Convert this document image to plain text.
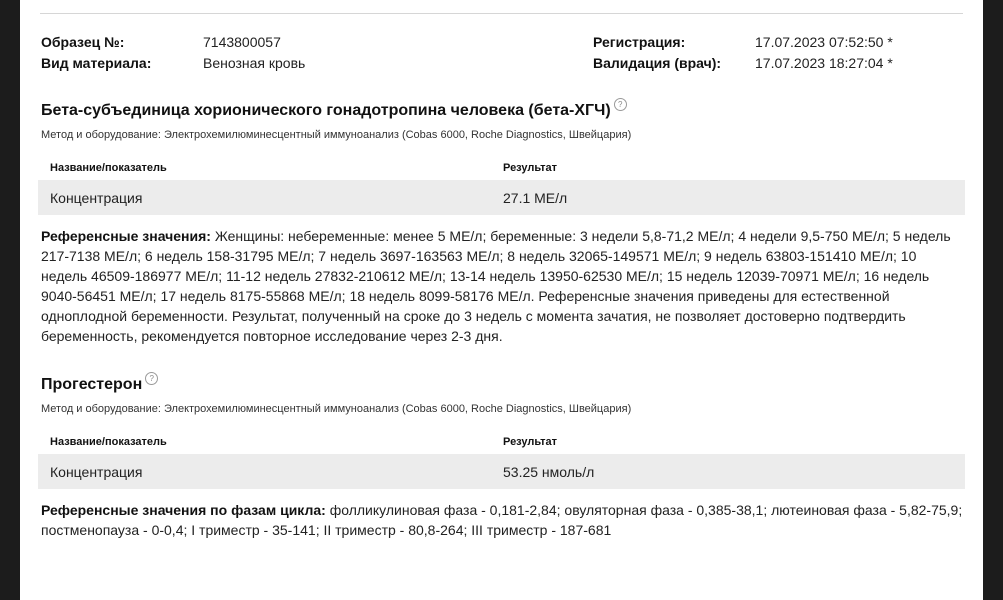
Образец №:	7143800057	Регистрация:	17.07.2023 07:52:50 *
Вид материала:	Венозная кровь	Валидация (врач): 17.07.2023 18:27:04 *
Бета-субъединица хорионического гонадотропина человека (бета-ХГЧ) ?
Метод и оборудование: Электрохемилюминесцентный иммуноанализ (Cobas 6000, Roche Diagnostics, Швейцария)
Название/показатель	Результат
Концентрация	27.1 МЕ/л
Референсные значения: Женщины: небеременные: менее 5 МЕ/л; беременные: 3 недели 5,8-71,2 МЕ/л; 4 недели 9,5-750 МЕ/л; 5 недель 217-7138 МЕ/л; 6 недель 158-31795 МЕ/л; 7 недель 3697-163563 МЕ/л; 8 недель 32065-149571 МЕ/л; 9 недель 63803-151410 МЕ/л; 10 недель 46509-186977 МЕ/л; 11-12 недель 27832-210612 МЕ/л; 13-14 недель 13950-62530 МЕ/л; 15 недель 12039-70971 МЕ/л; 16 недель 9040-56451 МЕ/л; 17 недель 8175-55868 МЕ/л; 18 недель 8099-58176 МЕ/л. Референсные значения приведены для естественной одноплодной беременности. Результат, полученный на сроке до 3 недель с момента зачатия, не позволяет достоверно подтвердить беременность, рекомендуется повторное исследование через 2-3 дня.
Прогестерон ?
Метод и оборудование: Электрохемилюминесцентный иммуноанализ (Cobas 6000, Roche Diagnostics, Швейцария)
Название/показатель	Результат
Концентрация	53.25 нмоль/л
Референсные значения по фазам цикла: фолликулиновая фаза - 0,181-2,84; овуляторная фаза - 0,385-38,1; лютеиновая фаза - 5,82-75,9; постменопауза - 0-0,4; I триместр - 35-141; II триместр - 80,8-264; III триместр - 187-681
